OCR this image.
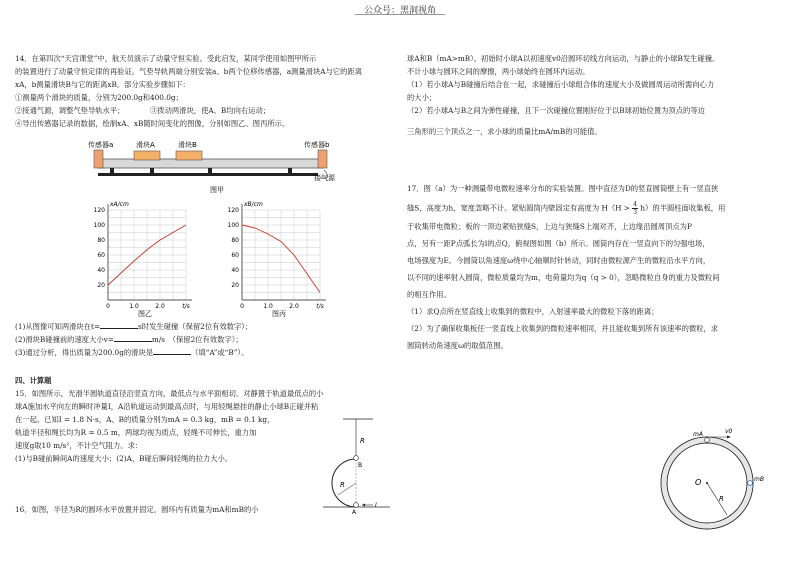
公众号：黑洞视角

14．在第四次“天宫课堂”中，航天员演示了动量守恒实验。受此启发，某同学使用如图甲所示

的装置进行了动量守恒定律的再验证。气垫导轨两端分别安装a、b两个位移传感器，a测量滑块A与它的距离

xA，b测量滑块B与它的距离xB。部分实验步骤如下：

①测量两个滑块的质量，分别为200.0g和400.0g；

②接通气源，调整气垫导轨水平；　　　　③拨动两滑块，使A、B均向右运动；

④导出传感器记录的数据，绘制xA、xB随时间变化的图像，分别如图乙、图丙所示。

传感器a	滑块A	滑块B	传感器b
接气源
图甲
20
40
60
80
100
120
0	1.0	2.0	t/s
xA/cm
图乙
20
40
60
80
100
120
0	1.0	2.0	t/s
xB/cm
图丙

(1)从图像可知两滑块在t=	s时发生碰撞（保留2位有效数字）；

(2)滑块B碰撞前的速度大小v=	m/s　（保留2位有效数字）；

(3)通过分析，得出质量为200.0g的滑块是	（填“A”或“B”）。

四、计算题

15．如图所示，光滑半圆轨道直径沿竖直方向，最低点与水平面相切。对静置于轨道最低点的小

球A施加水平向左的瞬时冲量I，A沿轨道运动到最高点时，与用轻绳悬挂的静止小球B正碰并粘

在一起。已知I = 1.8 N·s，A、B的质量分别为mA = 0.3 kg，mB = 0.1 kg，

轨道半径和绳长均为R = 0.5 m，两球均视为质点，轻绳不可伸长，重力加

速度g取10 m/s²，不计空气阻力。求：

(1)与B碰前瞬间A的速度大小；(2)A、B碰后瞬间轻绳的拉力大小。

R
R
B
A
I

16．如图，半径为R的圆环水平放置并固定，圆环内有质量为mA和mB的小

球A和B（mA>mB）。初始时小球A以初速度v0沿圆环切线方向运动，与静止的小球B发生碰撞。

不计小球与圆环之间的摩擦，两小球始终在圆环内运动。

（1）若小球A与B碰撞后结合在一起，求碰撞后小球组合体的速度大小及做圆周运动所需向心力

的大小；

（2）若小球A与B之间为弹性碰撞，且下一次碰撞位置刚好位于以B球初始位置为顶点的等边

三角形的三个顶点之一，求小球的质量比mA/mB的可能值。

17．图（a）为一种测量带电微粒速率分布的实验装置。图中直径为D的竖直圆筒壁上有一竖直狭

缝S，高度为h，宽度忽略不计。紧贴圆筒内壁固定有高度为 $H(H > \frac{4}{3} h)$的半圆柱面收集板，用

于收集带电微粒；板的一顶边紧贴狭缝S，上边与狭缝S上端对齐，上边缘沿圆周顶点为P

点，另有一距P点弧长为l的点Q，俯视图如图（b）所示。圆筒内存在一竖直向下的匀强电场，

电场强度为E。今圆筒以角速度ω绕中心轴顺时针转动，同时由微粒源产生的微粒沿水平方向，

以不同的速率射入圆筒，微粒质量均为m，电荷量均为q（q > 0），忽略微粒自身的重力及微粒间

的相互作用。

（1）求Q点所在竖直线上收集到的微粒中，入射速率最大的微粒下落的距离；

（2）为了确保收集板任一竖直线上收集到的微粒速率相同，并且能收集到所有该速率的微粒，求

圆筒转动角速度ω的取值范围。

O
R
mA
mB
v0
